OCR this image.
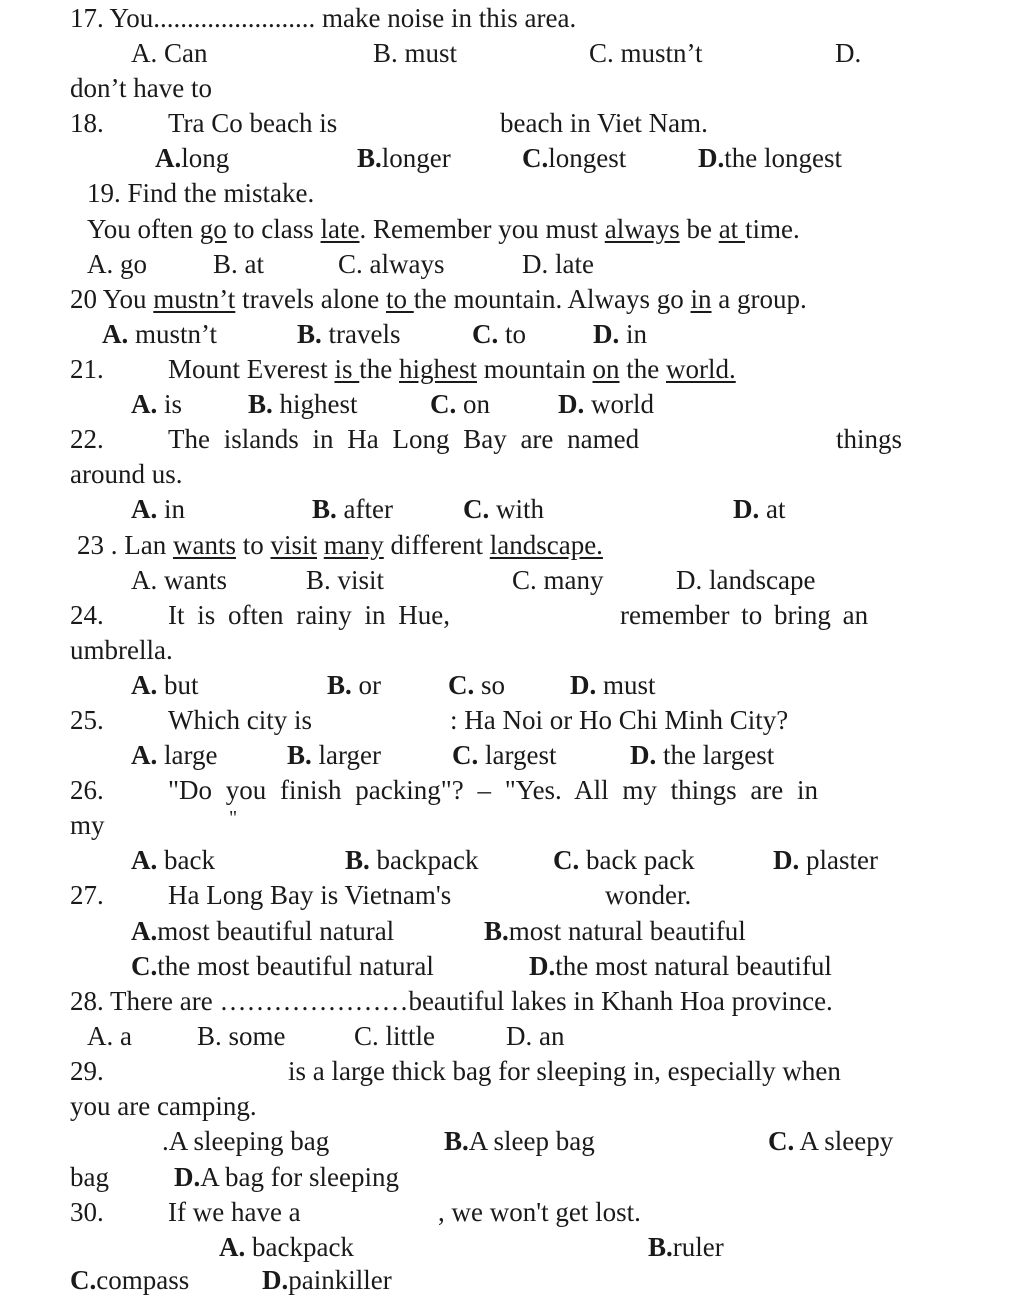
17. You........................ make noise in this area.
A. Can	B. must	C. mustn’t	D.
don’t have to
18. Tra Co beach is	beach in Viet Nam.
A.long	B.longer	C.longest	D.the longest
19. Find the mistake.
You often go to class late. Remember you must always be at time.
A. go B. at	C. always	D. late
20 You mustn’t travels alone to the mountain. Always go in a group.
A. mustn’t	B. travels	C. to D. in
21. Mount Everest is the highest mountain on the world.
A. is B. highest	C. on	D. world
22. The islands in Ha Long Bay are named	things
around us.
A. in	B. after	C. with	D. at
23 . Lan wants to visit many different landscape.
A. wants	B. visit	C. many	D. landscape
24. It is often rainy in Hue,	remember to bring an
umbrella.
A. but	B. or C. so D. must
25. Which city is	: Ha Noi or Ho Chi Minh City?
A. large	B. larger	C. largest	D. the largest
26. "Do you finish packing"? – "Yes. All my things are in
my	"
A. back	B. backpack	C. back pack	D. plaster
27. Ha Long Bay is Vietnam's	wonder.
A.most beautiful natural	B.most natural beautiful
C.the most beautiful natural	D.the most natural beautiful
28. There are …………………beautiful lakes in Khanh Hoa province.
A. a B. some	C. little	D. an
29.	is a large thick bag for sleeping in, especially when
you are camping.
.A sleeping bag	B.A sleep bag	C. A sleepy
bag D.A bag for sleeping
30. If we have a	, we won't get lost.
A. backpack	B.ruler
C.compass	D.painkiller
